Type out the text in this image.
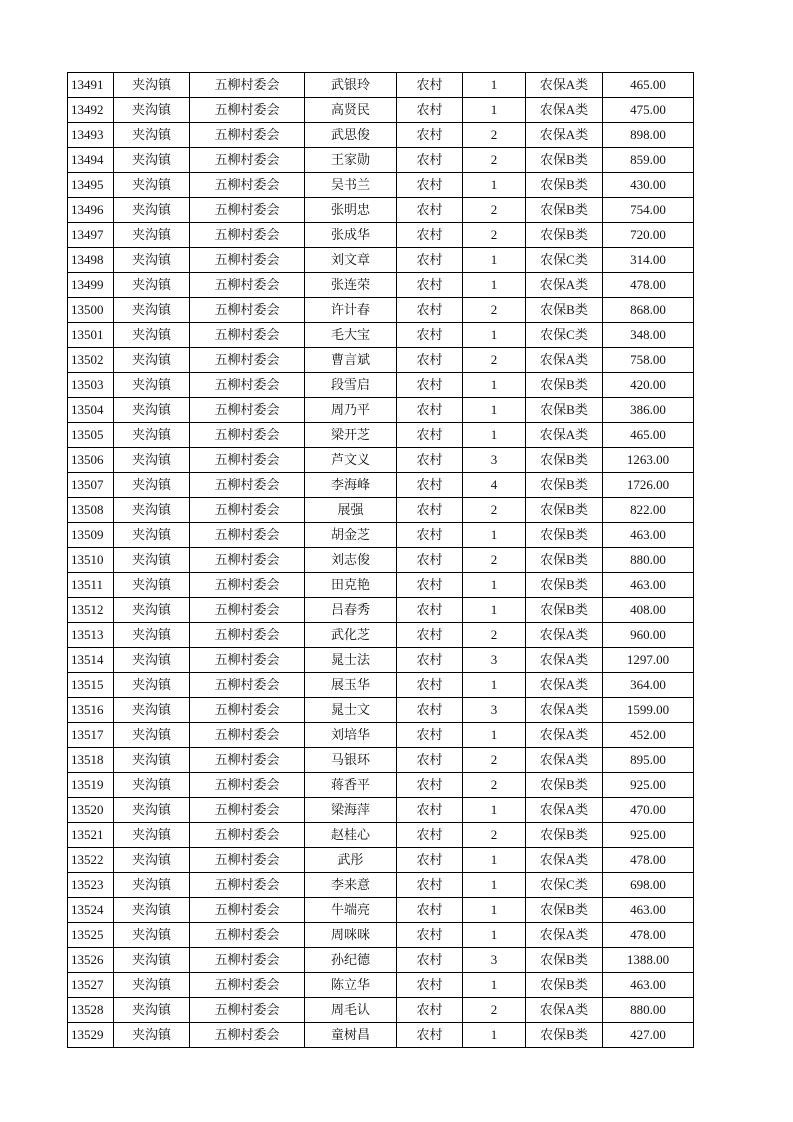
13491	夹沟镇	五柳村委会	武银玲	农村	1	农保A类	465.00
13492	夹沟镇	五柳村委会	高贤民	农村	1	农保A类	475.00
13493	夹沟镇	五柳村委会	武思俊	农村	2	农保A类	898.00
13494	夹沟镇	五柳村委会	王家勋	农村	2	农保B类	859.00
13495	夹沟镇	五柳村委会	吴书兰	农村	1	农保B类	430.00
13496	夹沟镇	五柳村委会	张明忠	农村	2	农保B类	754.00
13497	夹沟镇	五柳村委会	张成华	农村	2	农保B类	720.00
13498	夹沟镇	五柳村委会	刘文章	农村	1	农保C类	314.00
13499	夹沟镇	五柳村委会	张连荣	农村	1	农保A类	478.00
13500	夹沟镇	五柳村委会	许计春	农村	2	农保B类	868.00
13501	夹沟镇	五柳村委会	毛大宝	农村	1	农保C类	348.00
13502	夹沟镇	五柳村委会	曹言斌	农村	2	农保A类	758.00
13503	夹沟镇	五柳村委会	段雪启	农村	1	农保B类	420.00
13504	夹沟镇	五柳村委会	周乃平	农村	1	农保B类	386.00
13505	夹沟镇	五柳村委会	梁开芝	农村	1	农保A类	465.00
13506	夹沟镇	五柳村委会	芦文义	农村	3	农保B类	1263.00
13507	夹沟镇	五柳村委会	李海峰	农村	4	农保B类	1726.00
13508	夹沟镇	五柳村委会	展强	农村	2	农保B类	822.00
13509	夹沟镇	五柳村委会	胡金芝	农村	1	农保B类	463.00
13510	夹沟镇	五柳村委会	刘志俊	农村	2	农保B类	880.00
13511	夹沟镇	五柳村委会	田克艳	农村	1	农保B类	463.00
13512	夹沟镇	五柳村委会	吕春秀	农村	1	农保B类	408.00
13513	夹沟镇	五柳村委会	武化芝	农村	2	农保A类	960.00
13514	夹沟镇	五柳村委会	晁士法	农村	3	农保A类	1297.00
13515	夹沟镇	五柳村委会	展玉华	农村	1	农保A类	364.00
13516	夹沟镇	五柳村委会	晁士文	农村	3	农保A类	1599.00
13517	夹沟镇	五柳村委会	刘培华	农村	1	农保A类	452.00
13518	夹沟镇	五柳村委会	马银环	农村	2	农保A类	895.00
13519	夹沟镇	五柳村委会	蒋香平	农村	2	农保B类	925.00
13520	夹沟镇	五柳村委会	梁海萍	农村	1	农保A类	470.00
13521	夹沟镇	五柳村委会	赵桂心	农村	2	农保B类	925.00
13522	夹沟镇	五柳村委会	武彤	农村	1	农保A类	478.00
13523	夹沟镇	五柳村委会	李来意	农村	1	农保C类	698.00
13524	夹沟镇	五柳村委会	牛端亮	农村	1	农保B类	463.00
13525	夹沟镇	五柳村委会	周咪咪	农村	1	农保A类	478.00
13526	夹沟镇	五柳村委会	孙纪德	农村	3	农保B类	1388.00
13527	夹沟镇	五柳村委会	陈立华	农村	1	农保B类	463.00
13528	夹沟镇	五柳村委会	周毛认	农村	2	农保A类	880.00
13529	夹沟镇	五柳村委会	童树昌	农村	1	农保B类	427.00
